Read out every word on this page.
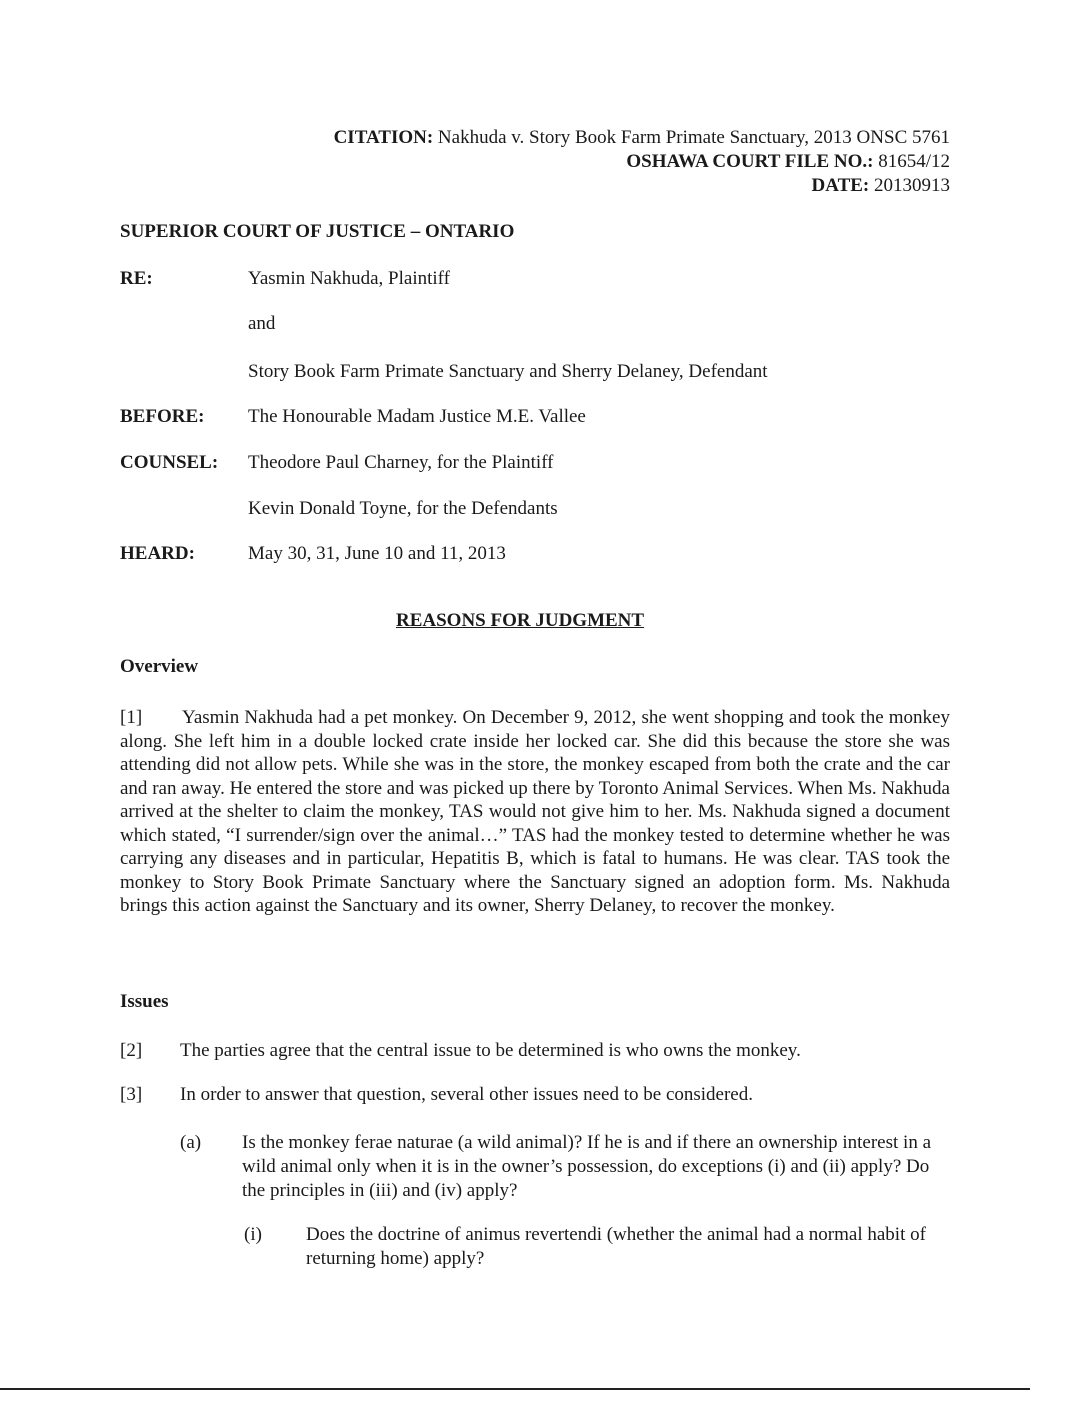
CITATION: Nakhuda v. Story Book Farm Primate Sanctuary, 2013 ONSC 5761
OSHAWA COURT FILE NO.: 81654/12
DATE: 20130913
SUPERIOR COURT OF JUSTICE – ONTARIO
RE:	Yasmin Nakhuda, Plaintiff
and
Story Book Farm Primate Sanctuary and Sherry Delaney, Defendant
BEFORE: The Honourable Madam Justice M.E. Vallee
COUNSEL: Theodore Paul Charney, for the Plaintiff
Kevin Donald Toyne, for the Defendants
HEARD:	May 30, 31, June 10 and 11, 2013
REASONS FOR JUDGMENT
Overview
[1] Yasmin Nakhuda had a pet monkey. On December 9, 2012, she went shopping and took the monkey along. She left him in a double locked crate inside her locked car. She did this because the store she was attending did not allow pets. While she was in the store, the monkey escaped from both the crate and the car and ran away. He entered the store and was picked up there by Toronto Animal Services. When Ms. Nakhuda arrived at the shelter to claim the monkey, TAS would not give him to her. Ms. Nakhuda signed a document which stated, “I surrender/sign over the animal…” TAS had the monkey tested to determine whether he was carrying any diseases and in particular, Hepatitis B, which is fatal to humans. He was clear. TAS took the monkey to Story Book Primate Sanctuary where the Sanctuary signed an adoption form. Ms. Nakhuda brings this action against the Sanctuary and its owner, Sherry Delaney, to recover the monkey.
Issues
[2] The parties agree that the central issue to be determined is who owns the monkey.
[3] In order to answer that question, several other issues need to be considered.
(a) Is the monkey ferae naturae (a wild animal)? If he is and if there an ownership interest in a wild animal only when it is in the owner’s possession, do exceptions (i) and (ii) apply? Do the principles in (iii) and (iv) apply?
(i) Does the doctrine of animus revertendi (whether the animal had a normal habit of returning home) apply?
